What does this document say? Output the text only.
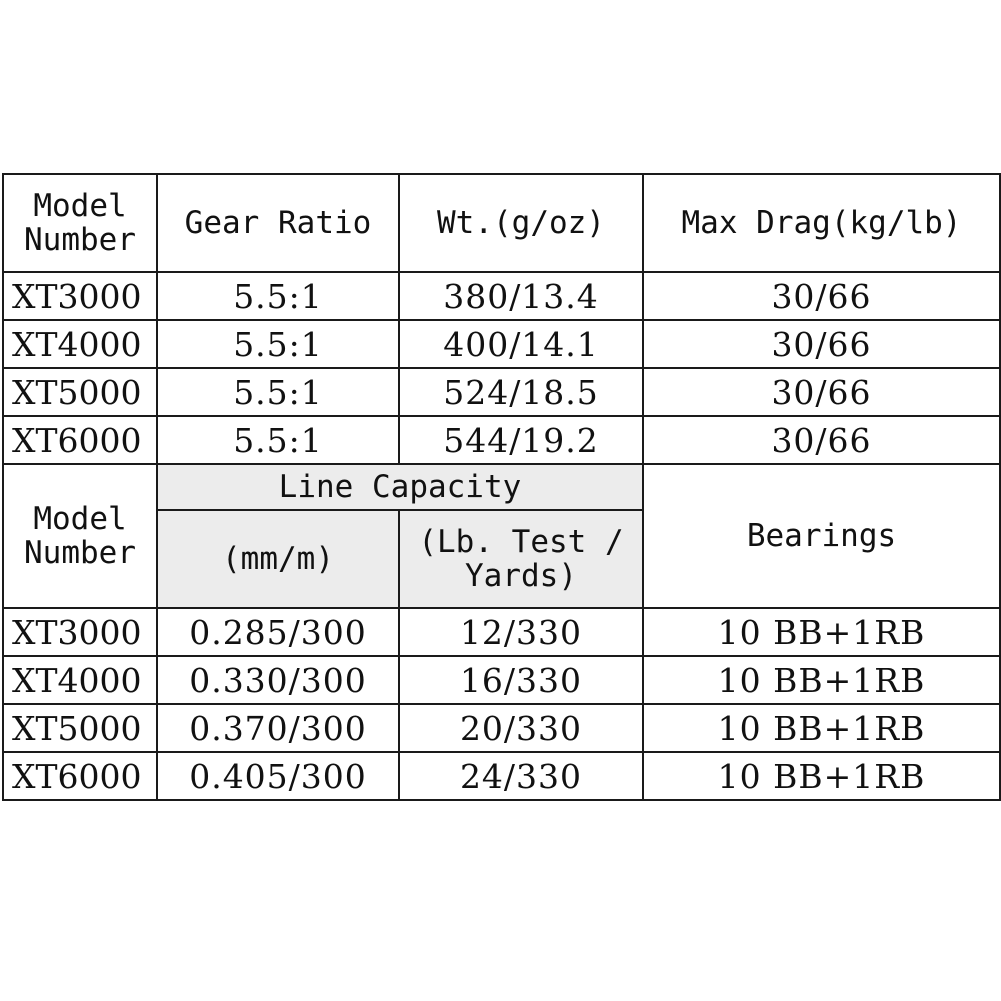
Model Number	Gear Ratio	Wt.(g/oz)	Max Drag(kg/lb)
XT3000	5.5:1	380/13.4	30/66
XT4000	5.5:1	400/14.1	30/66
XT5000	5.5:1	524/18.5	30/66
XT6000	5.5:1	544/19.2	30/66
Model Number	Line Capacity		Bearings
	(mm/m)	(Lb. Test / Yards)	
XT3000	0.285/300	12/330	10 BB+1RB
XT4000	0.330/300	16/330	10 BB+1RB
XT5000	0.370/300	20/330	10 BB+1RB
XT6000	0.405/300	24/330	10 BB+1RB
